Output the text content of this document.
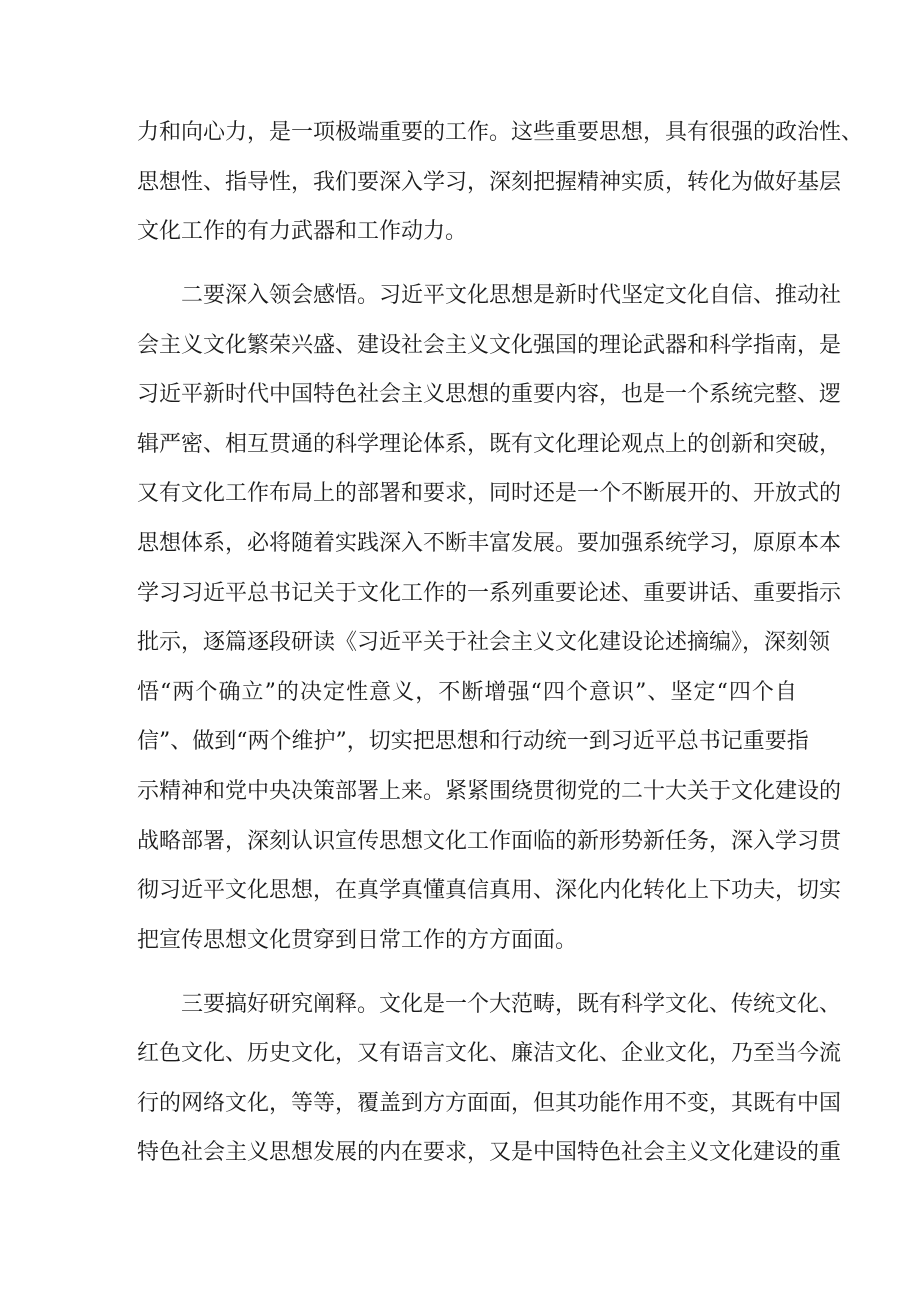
力和向心力，是一项极端重要的工作。这些重要思想，具有很强的政治性、
思想性、指导性，我们要深入学习，深刻把握精神实质，转化为做好基层
文化工作的有力武器和工作动力。
二要深入领会感悟。习近平文化思想是新时代坚定文化自信、推动社
会主义文化繁荣兴盛、建设社会主义文化强国的理论武器和科学指南，是
习近平新时代中国特色社会主义思想的重要内容，也是一个系统完整、逻
辑严密、相互贯通的科学理论体系，既有文化理论观点上的创新和突破，
又有文化工作布局上的部署和要求，同时还是一个不断展开的、开放式的
思想体系，必将随着实践深入不断丰富发展。要加强系统学习，原原本本
学习习近平总书记关于文化工作的一系列重要论述、重要讲话、重要指示
批示，逐篇逐段研读《习近平关于社会主义文化建设论述摘编》，深刻领
悟“两个确立”的决定性意义，不断增强“四个意识”、坚定“四个自
信”、做到“两个维护”，切实把思想和行动统一到习近平总书记重要指
示精神和党中央决策部署上来。紧紧围绕贯彻党的二十大关于文化建设的
战略部署，深刻认识宣传思想文化工作面临的新形势新任务，深入学习贯
彻习近平文化思想，在真学真懂真信真用、深化内化转化上下功夫，切实
把宣传思想文化贯穿到日常工作的方方面面。
三要搞好研究阐释。文化是一个大范畴，既有科学文化、传统文化、
红色文化、历史文化，又有语言文化、廉洁文化、企业文化，乃至当今流
行的网络文化，等等，覆盖到方方面面，但其功能作用不变，其既有中国
特色社会主义思想发展的内在要求，又是中国特色社会主义文化建设的重
